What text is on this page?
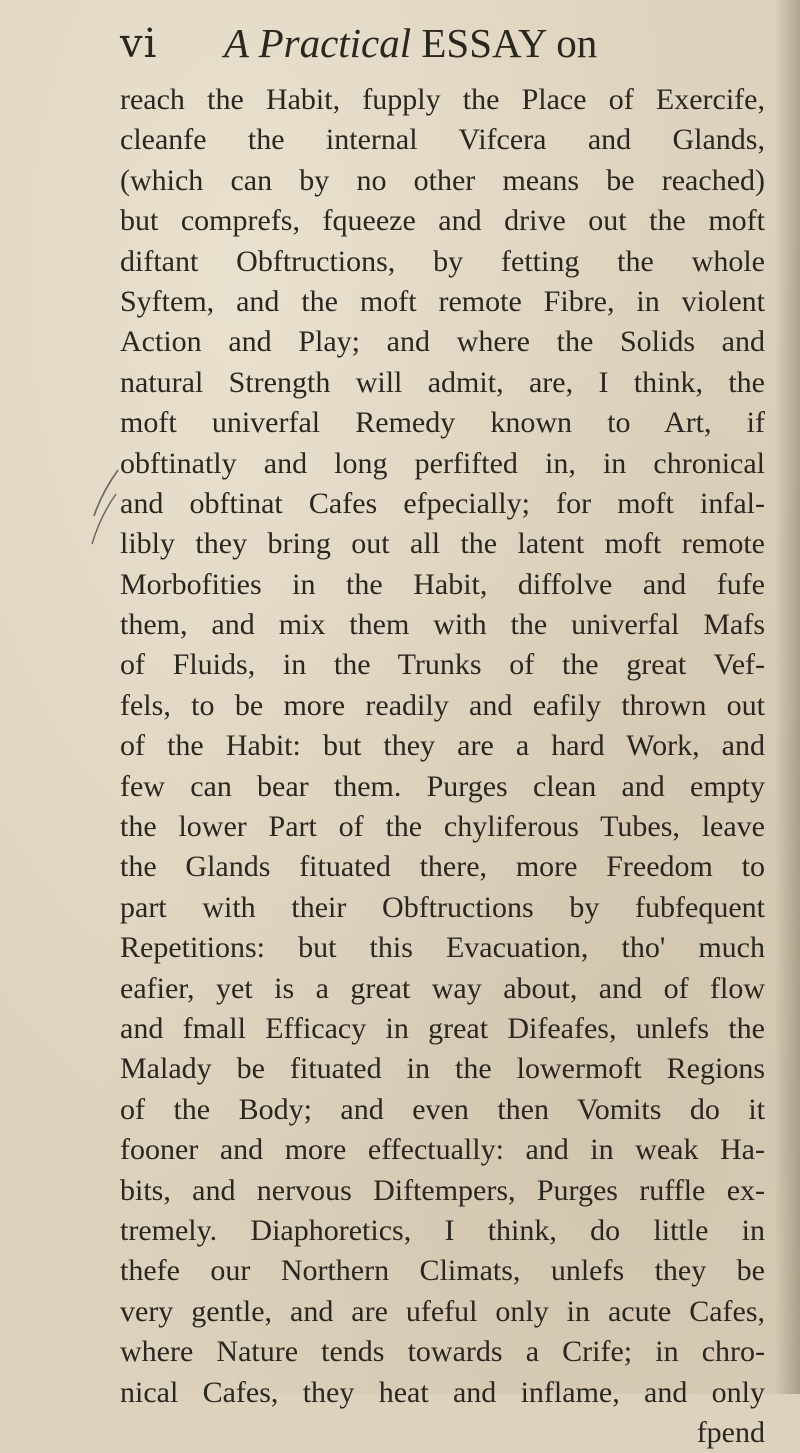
vi A Practical ESSAY on
reach the Habit, fupply the Place of Exercife,
cleanfe the internal Vifcera and Glands,
(which can by no other means be reached)
but comprefs, fqueeze and drive out the moft
diftant Obftructions, by fetting the whole
Syftem, and the moft remote Fibre, in violent
Action and Play; and where the Solids and
natural Strength will admit, are, I think, the
moft univerfal Remedy known to Art, if
obftinatly and long perfifted in, in chronical
and obftinat Cafes efpecially; for moft infal-
libly they bring out all the latent moft remote
Morbofities in the Habit, diffolve and fufe
them, and mix them with the univerfal Mafs
of Fluids, in the Trunks of the great Vef-
fels, to be more readily and eafily thrown out
of the Habit: but they are a hard Work, and
few can bear them. Purges clean and empty
the lower Part of the chyliferous Tubes, leave
the Glands fituated there, more Freedom to
part with their Obftructions by fubfequent
Repetitions: but this Evacuation, tho' much
eafier, yet is a great way about, and of flow
and fmall Efficacy in great Difeafes, unlefs the
Malady be fituated in the lowermoft Regions
of the Body; and even then Vomits do it
fooner and more effectually: and in weak Ha-
bits, and nervous Diftempers, Purges ruffle ex-
tremely. Diaphoretics, I think, do little in
thefe our Northern Climats, unlefs they be
very gentle, and are ufeful only in acute Cafes,
where Nature tends towards a Crife; in chro-
nical Cafes, they heat and inflame, and only
fpend
